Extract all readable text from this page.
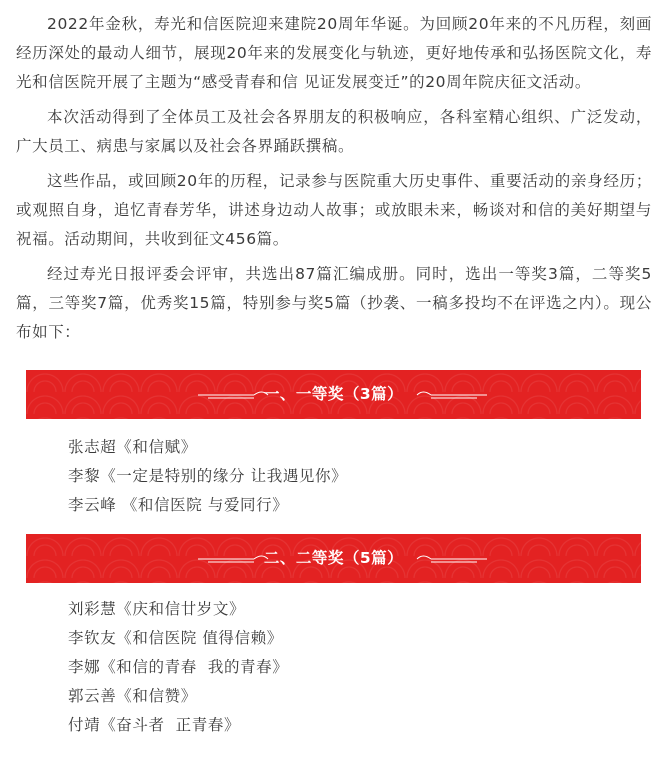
2022年金秋，寿光和信医院迎来建院20周年华诞。为回顾20年来的不凡历程，刻画经历深处的最动人细节，展现20年来的发展变化与轨迹，更好地传承和弘扬医院文化，寿光和信医院开展了主题为“感受青春和信 见证发展变迁”的20周年院庆征文活动。

本次活动得到了全体员工及社会各界朋友的积极响应，各科室精心组织、广泛发动，广大员工、病患与家属以及社会各界踊跃撰稿。

这些作品，或回顾20年的历程，记录参与医院重大历史事件、重要活动的亲身经历；或观照自身，追忆青春芳华，讲述身边动人故事；或放眼未来，畅谈对和信的美好期望与祝福。活动期间，共收到征文456篇。

经过寿光日报评委会评审，共选出87篇汇编成册。同时，选出一等奖3篇，二等奖5篇，三等奖7篇，优秀奖15篇，特别参与奖5篇（抄袭、一稿多投均不在评选之内）。现公布如下：

一、一等奖（3篇）
张志超《和信赋》
李黎《一定是特别的缘分 让我遇见你》
李云峰 《和信医院 与爱同行》
二、二等奖（5篇）
刘彩慧《庆和信廿岁文》
李钦友《和信医院 值得信赖》
李娜《和信的青春  我的青春》
郭云善《和信赞》
付靖《奋斗者  正青春》
